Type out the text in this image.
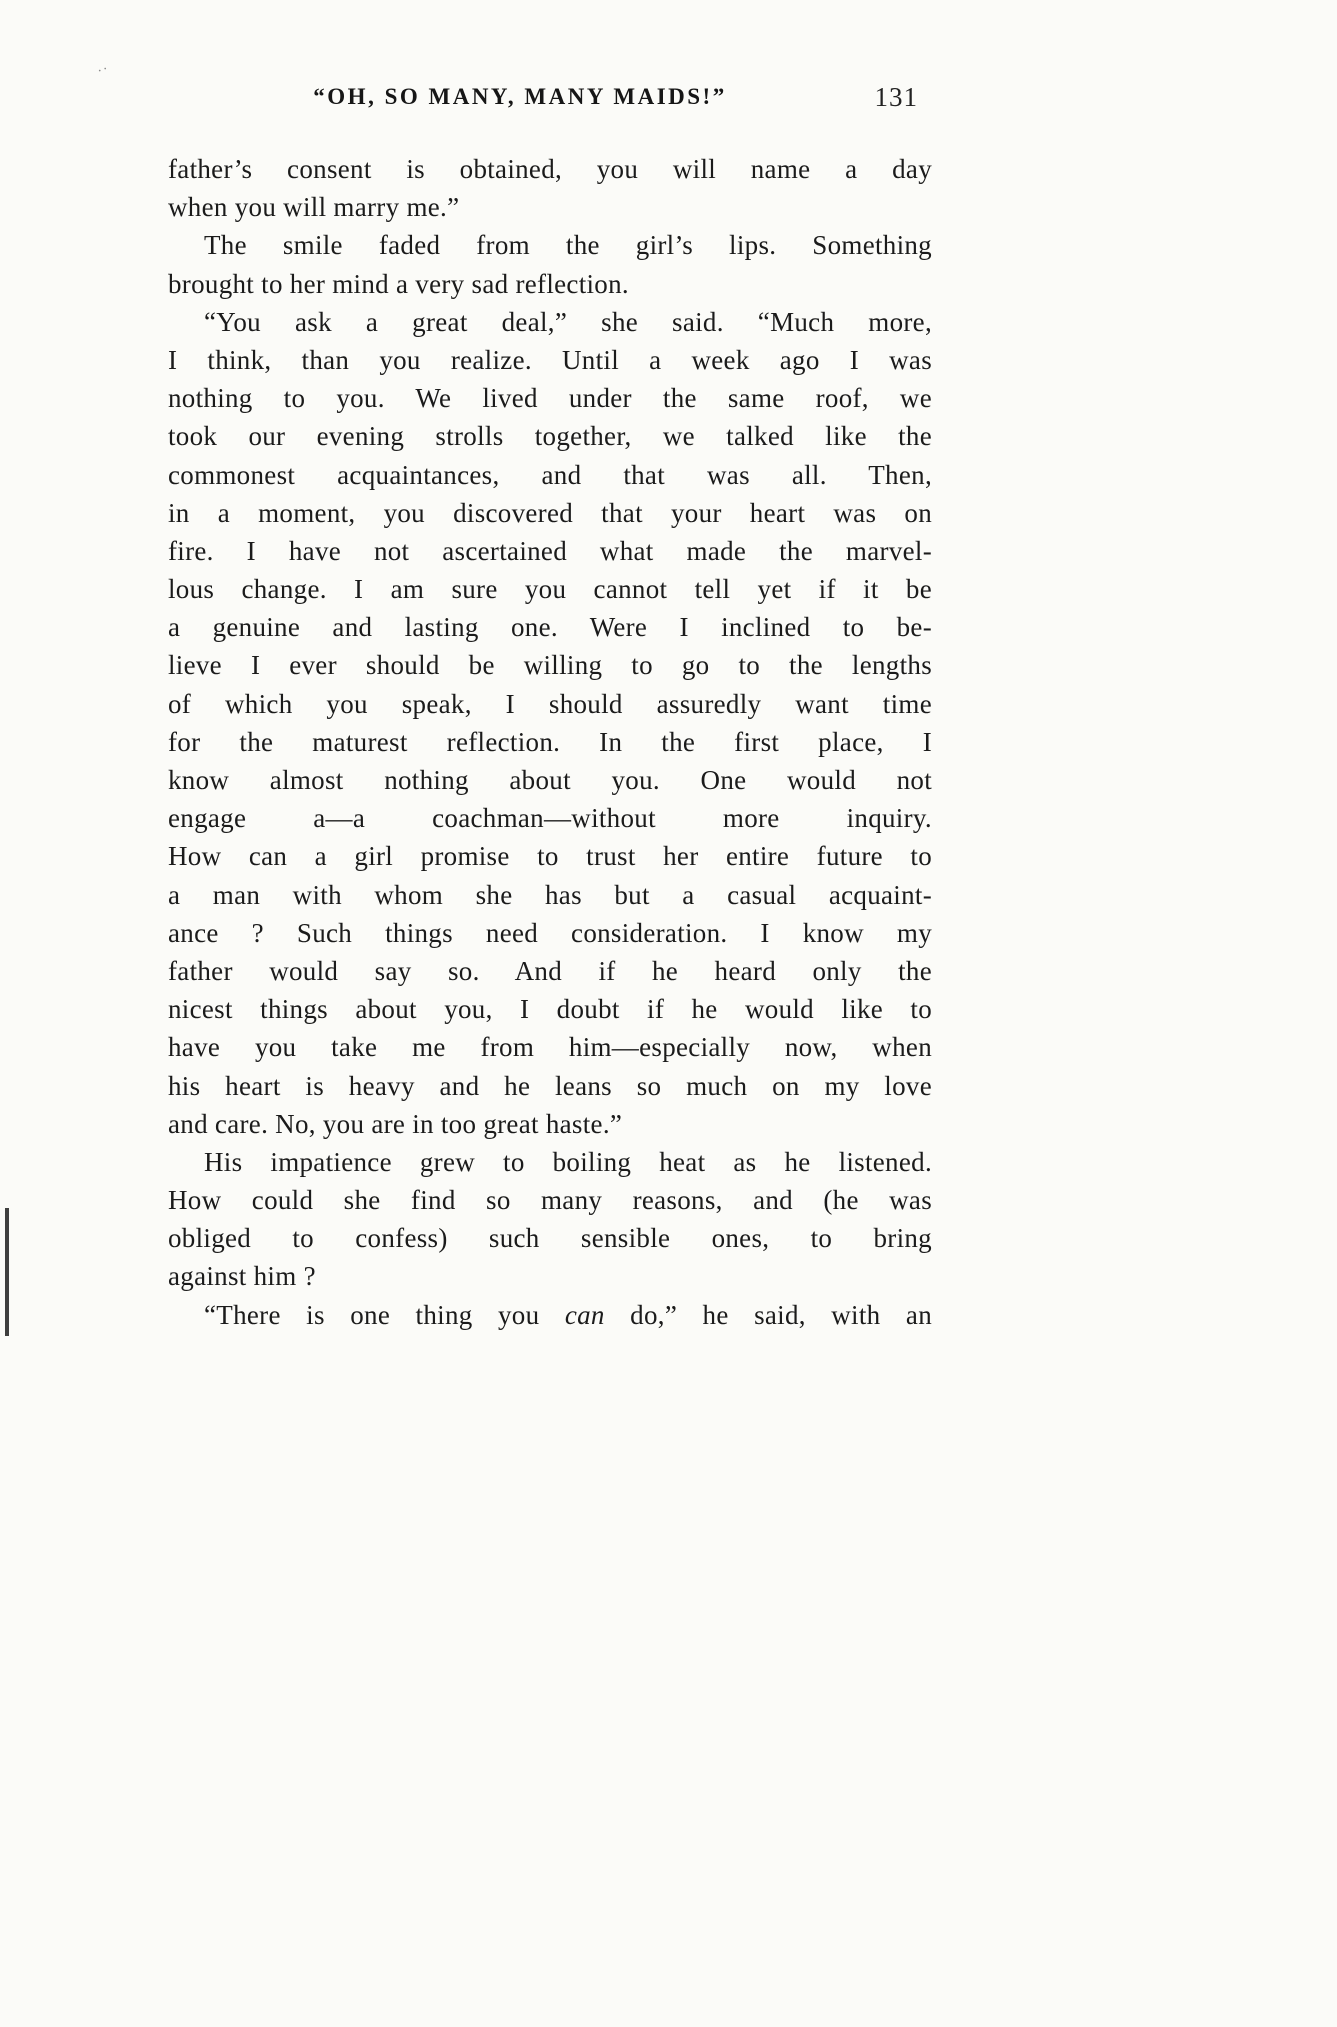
.·
“OH, SO MANY, MANY MAIDS!”	131
father’s consent is obtained, you will name a day
when you will marry me.”
The smile faded from the girl’s lips. Something
brought to her mind a very sad reflection.
“You ask a great deal,” she said. “Much more,
I think, than you realize. Until a week ago I was
nothing to you. We lived under the same roof, we
took our evening strolls together, we talked like the
commonest acquaintances, and that was all. Then,
in a moment, you discovered that your heart was on
fire. I have not ascertained what made the marvel-
lous change. I am sure you cannot tell yet if it be
a genuine and lasting one. Were I inclined to be-
lieve I ever should be willing to go to the lengths
of which you speak, I should assuredly want time
for the maturest reflection. In the first place, I
know almost nothing about you. One would not
engage a—a coachman—without more inquiry.
How can a girl promise to trust her entire future to
a man with whom she has but a casual acquaint-
ance ? Such things need consideration. I know my
father would say so. And if he heard only the
nicest things about you, I doubt if he would like to
have you take me from him—especially now, when
his heart is heavy and he leans so much on my love
and care. No, you are in too great haste.”
His impatience grew to boiling heat as he listened.
How could she find so many reasons, and (he was
obliged to confess) such sensible ones, to bring
against him ?
“There is one thing you can do,” he said, with an
